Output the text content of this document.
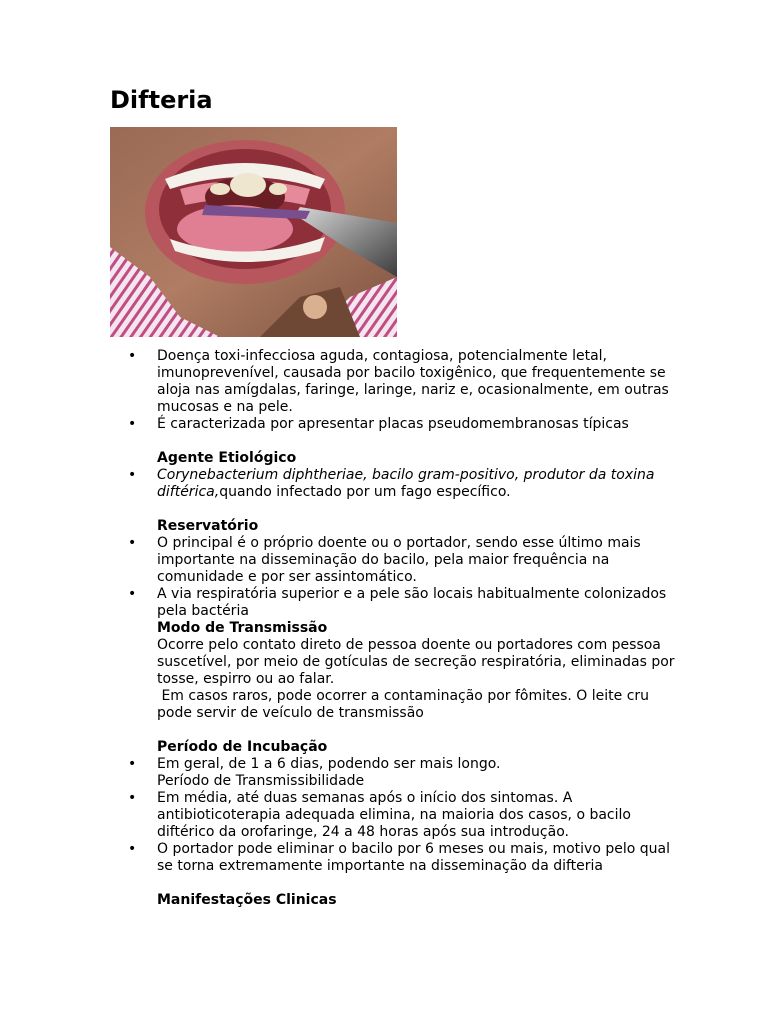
Difteria
• Doença toxi-infecciosa aguda, contagiosa, potencialmente letal, imunoprevenível, causada por bacilo toxigênico, que frequentemente se aloja nas amígdalas, faringe, laringe, nariz e, ocasionalmente, em outras mucosas e na pele.
• É caracterizada por apresentar placas pseudomembranosas típicas

Agente Etiológico

• Corynebacterium diphtheriae, bacilo gram-positivo, produtor da toxina diftérica,quando infectado por um fago específico.

Reservatório

• O principal é o próprio doente ou o portador, sendo esse último mais importante na disseminação do bacilo, pela maior frequência na comunidade e por ser assintomático.
• A via respiratória superior e a pele são locais habitualmente colonizados pela bactéria

Modo de Transmissão

Ocorre pelo contato direto de pessoa doente ou portadores com pessoa suscetível, por meio de gotículas de secreção respiratória, eliminadas por tosse, espirro ou ao falar.

Em casos raros, pode ocorrer a contaminação por fômites. O leite cru pode servir de veículo de transmissão

Período de Incubação

• Em geral, de 1 a 6 dias, podendo ser mais longo.
Período de Transmissibilidade
• Em média, até duas semanas após o início dos sintomas. A antibioticoterapia adequada elimina, na maioria dos casos, o bacilo diftérico da orofaringe, 24 a 48 horas após sua introdução.
• O portador pode eliminar o bacilo por 6 meses ou mais, motivo pelo qual se torna extremamente importante na disseminação da difteria

Manifestações Clinicas
